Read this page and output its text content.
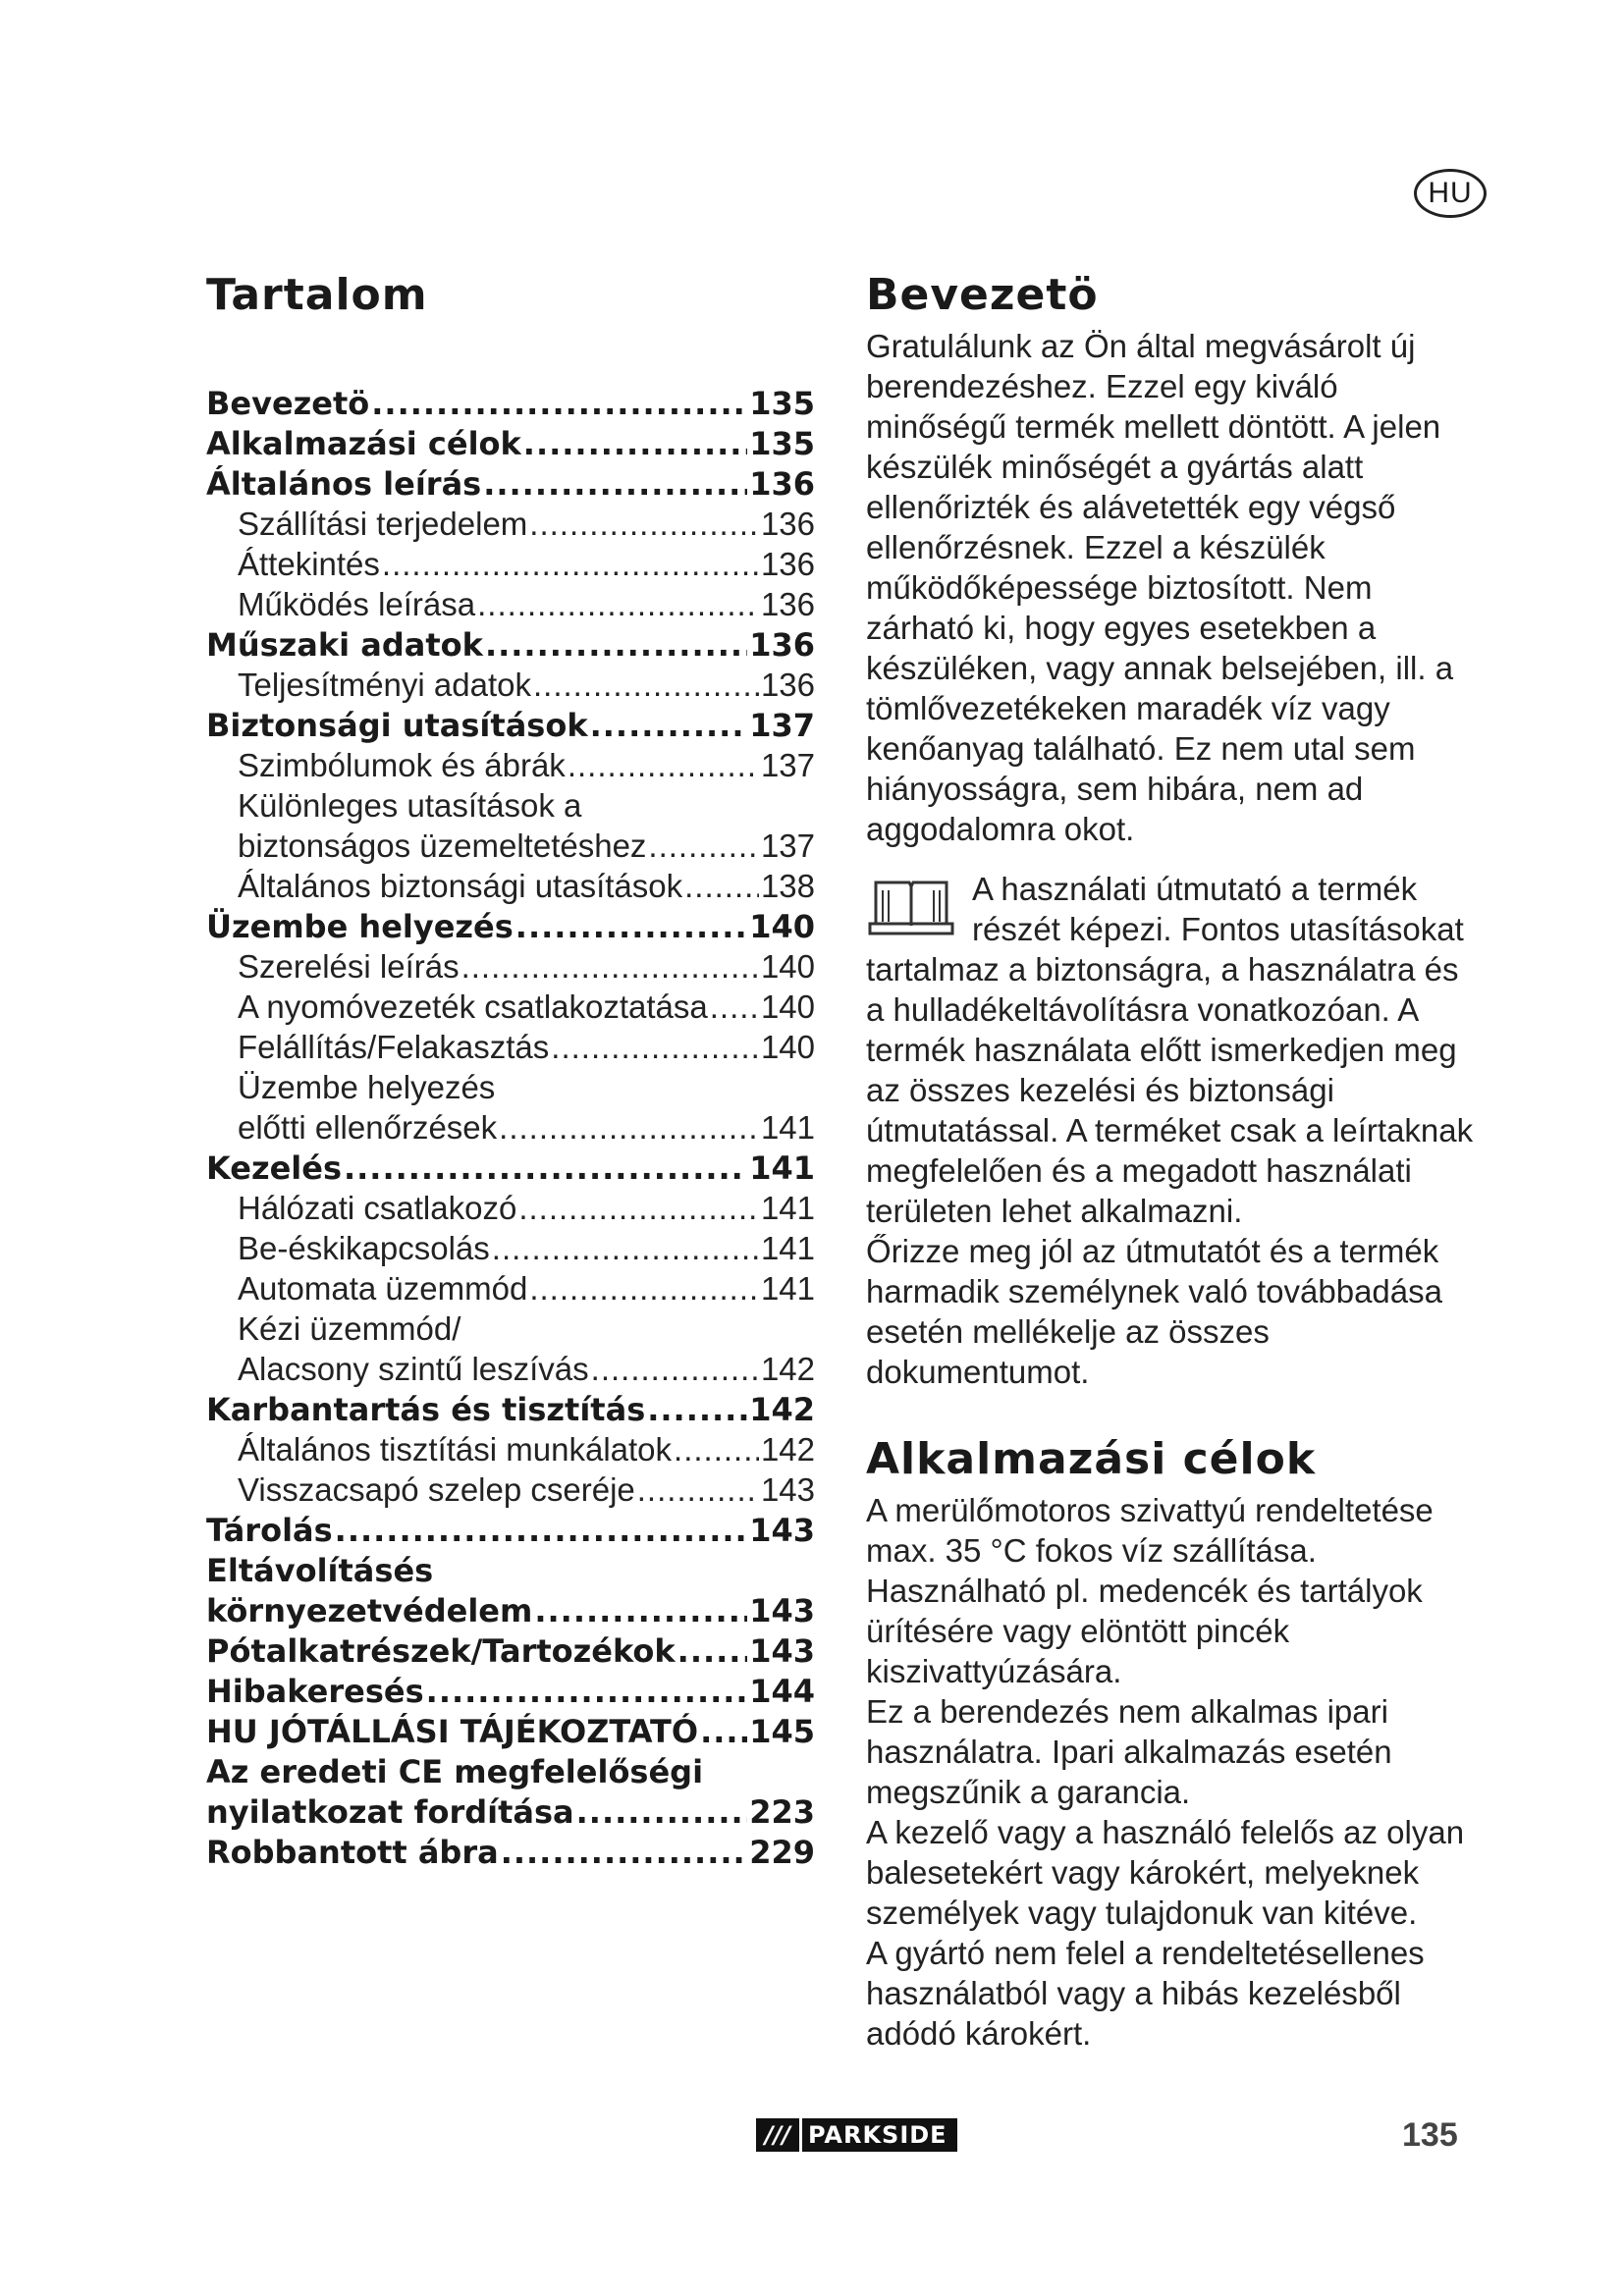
HU
Tartalom
Bevezetö .....	135
Alkalmazási célok .....	135
Általános leírás .....	136
Szállítási terjedelem .....	136
Áttekintés .....	136
Működés leírása .....	136
Műszaki adatok .....	136
Teljesítményi adatok .....	136
Biztonsági utasítások .....	137
Szimbólumok és ábrák .....	137
Különleges utasítások a
biztonságos üzemeltetéshez .....	137
Általános biztonsági utasítások ..... 138
Üzembe helyezés .....	140
Szerelési leírás .....	140
A nyomóvezeték csatlakoztatása ..... 140
Felállítás/Felakasztás .....	140
Üzembe helyezés
előtti ellenőrzések .....	141
Kezelés .....	141
Hálózati csatlakozó .....	141
Be-éskikapcsolás .....	141
Automata üzemmód .....	141
Kézi üzemmód/
Alacsony szintű leszívás .....	142
Karbantartás és tisztítás .....	142
Általános tisztítási munkálatok .....	142
Visszacsapó szelep cseréje .....	143
Tárolás .....	143
Eltávolításés
környezetvédelem .....	143
Pótalkatrészek/Tartozékok ..... 143
Hibakeresés .....	144
HU JÓTÁLLÁSI TÁJÉKOZTATÓ ..... 145
Az eredeti CE megfelelőségi
nyilatkozat fordítása .....	223
Robbantott ábra .....	229
Bevezetö

Gratulálunk az Ön által megvásárolt új berendezéshez. Ezzel egy kiváló minőségű termék mellett döntött. A jelen készülék minőségét a gyártás alatt ellenőrizték és alávetették egy végső ellenőrzésnek. Ezzel a készülék működőképessége biztosított. Nem zárható ki, hogy egyes esetekben a készüléken, vagy annak belsejében, ill. a tömlővezetékeken maradék víz vagy kenőanyag található. Ez nem utal sem hiányosságra, sem hibára, nem ad aggodalomra okot.

A használati útmutató a termék részét képezi. Fontos utasításokat tartalmaz a biztonságra, a használatra és a hulladékeltávolításra vonatkozóan. A termék használata előtt ismerkedjen meg az összes kezelési és biztonsági útmutatással. A terméket csak a leírtaknak megfelelően és a megadott használati területen lehet alkalmazni.

Őrizze meg jól az útmutatót és a termék harmadik személynek való továbbadása esetén mellékelje az összes dokumentumot.

Alkalmazási célok

A merülőmotoros szivattyú rendeltetése max. 35 °C fokos víz szállítása. Használható pl. medencék és tartályok ürítésére vagy elöntött pincék kiszivattyúzására.

Ez a berendezés nem alkalmas ipari használatra. Ipari alkalmazás esetén megszűnik a garancia.

A kezelő vagy a használó felelős az olyan balesetekért vagy károkért, melyeknek személyek vagy tulajdonuk van kitéve.

A gyártó nem felel a rendeltetésellenes használatból vagy a hibás kezelésből adódó károkért.

/// PARKSIDE	135
